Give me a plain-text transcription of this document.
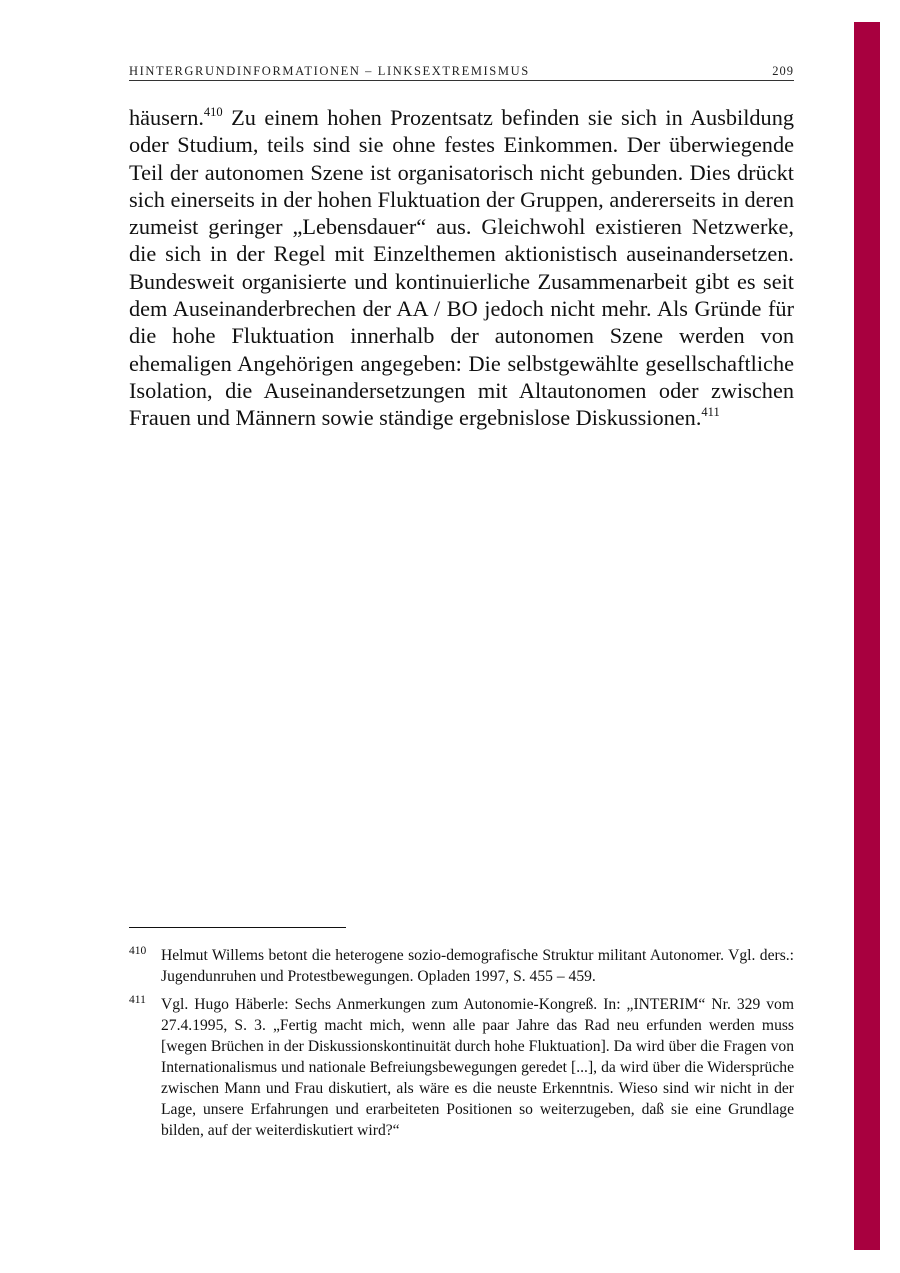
HINTERGRUNDINFORMATIONEN – LINKSEXTREMISMUS	209

häusern.$^{410}$ Zu einem hohen Prozentsatz befinden sie sich in Ausbildung oder Studium, teils sind sie ohne festes Einkommen. Der überwiegende Teil der autonomen Szene ist organisatorisch nicht gebunden. Dies drückt sich einerseits in der hohen Fluktuation der Gruppen, andererseits in deren zumeist geringer „Lebensdauer“ aus. Gleichwohl existieren Netzwerke, die sich in der Regel mit Einzelthemen aktionistisch auseinandersetzen. Bundesweit organisierte und kontinuierliche Zusammenarbeit gibt es seit dem Auseinanderbrechen der AA / BO jedoch nicht mehr. Als Gründe für die hohe Fluktuation innerhalb der autonomen Szene werden von ehemaligen Angehörigen angegeben: Die selbstgewählte gesellschaftliche Isolation, die Auseinandersetzungen mit Altautonomen oder zwischen Frauen und Männern sowie ständige ergebnislose Diskussionen.$^{411}$

410 Helmut Willems betont die heterogene sozio-demografische Struktur militant Autonomer. Vgl. ders.: Jugendunruhen und Protestbewegungen. Opladen 1997, S. 455 – 459.
411 Vgl. Hugo Häberle: Sechs Anmerkungen zum Autonomie-Kongreß. In: „INTERIM“ Nr. 329 vom 27.4.1995, S. 3. „Fertig macht mich, wenn alle paar Jahre das Rad neu erfunden werden muss [wegen Brüchen in der Diskussionskontinuität durch hohe Fluktuation]. Da wird über die Fragen von Internationalismus und nationale Befreiungsbewegungen geredet [...], da wird über die Widersprüche zwischen Mann und Frau diskutiert, als wäre es die neuste Erkenntnis. Wieso sind wir nicht in der Lage, unsere Erfahrungen und erarbeiteten Positionen so weiterzugeben, daß sie eine Grundlage bilden, auf der weiterdiskutiert wird?“
